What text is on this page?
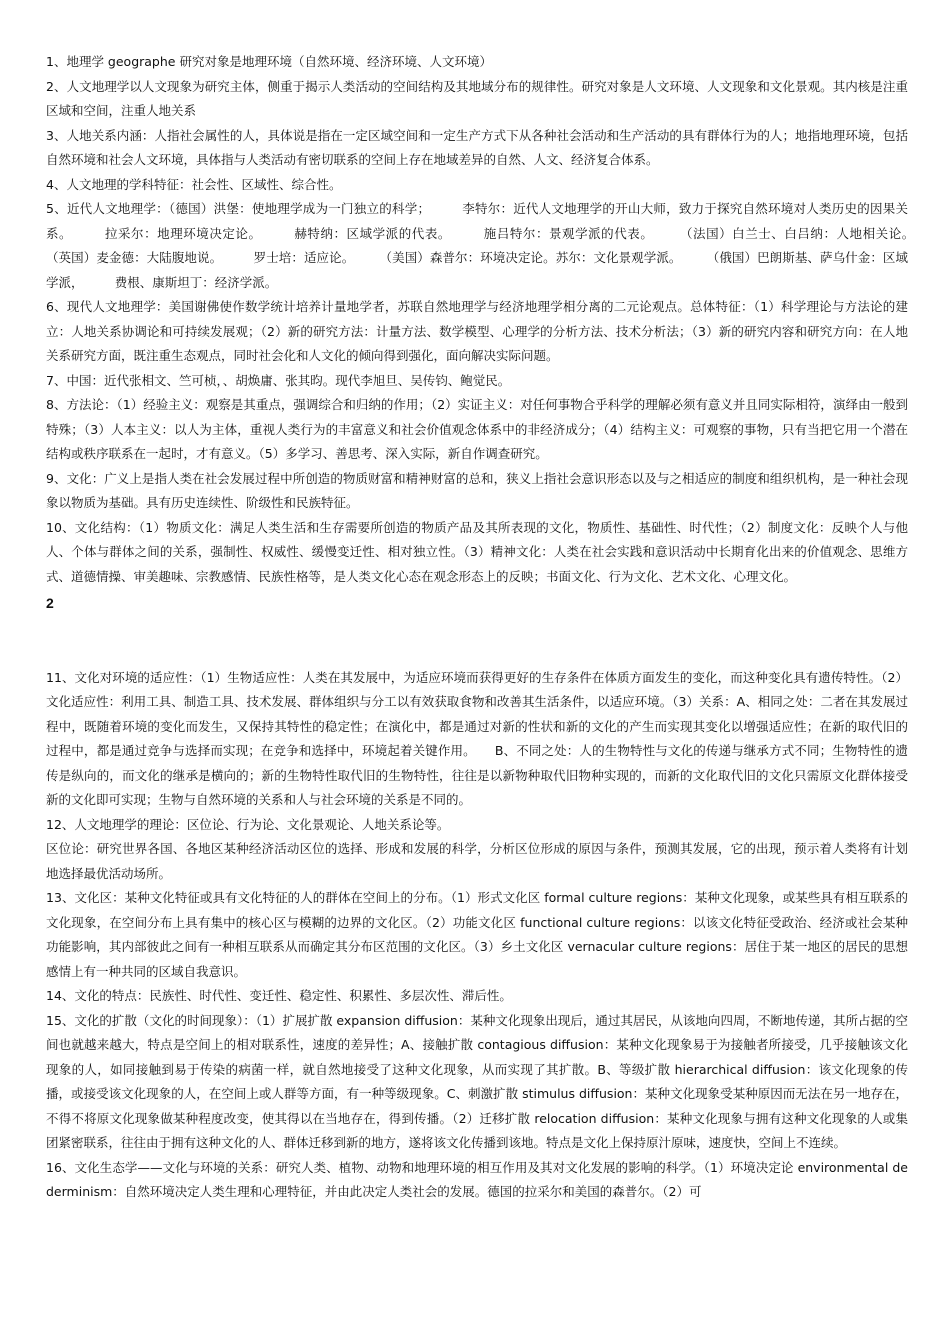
1、地理学 geographe 研究对象是地理环境（自然环境、经济环境、人文环境）

2、人文地理学以人文现象为研究主体，侧重于揭示人类活动的空间结构及其地域分布的规律性。研究对象是人文环境、人文现象和文化景观。其内核是注重区域和空间，注重人地关系

3、人地关系内涵：人指社会属性的人，具体说是指在一定区域空间和一定生产方式下从各种社会活动和生产活动的具有群体行为的人；地指地理环境，包括自然环境和社会人文环境，具体指与人类活动有密切联系的空间上存在地域差异的自然、人文、经济复合体系。

4、人文地理的学科特征：社会性、区域性、综合性。

5、近代人文地理学：（德国）洪堡：使地理学成为一门独立的科学；　　　李特尔：近代人文地理学的开山大师，致力于探究自然环境对人类历史的因果关系。　　　拉采尔：地理环境决定论。　　　赫特纳：区域学派的代表。　　　施吕特尔：景观学派的代表。　　　（法国）白兰士、白吕纳：人地相关论。　　　（英国）麦金德：大陆腹地说。　　　罗士培：适应论。　　　（美国）森普尔：环境决定论。苏尔：文化景观学派。　　　（俄国）巴朗斯基、萨乌什金：区域学派，　　　费根、康斯坦丁：经济学派。

6、现代人文地理学：美国谢佛使作数学统计培养计量地学者，苏联自然地理学与经济地理学相分离的二元论观点。总体特征：（1）科学理论与方法论的建立：人地关系协调论和可持续发展观；（2）新的研究方法：计量方法、数学模型、心理学的分析方法、技术分析法；（3）新的研究内容和研究方向：在人地关系研究方面，既注重生态观点，同时社会化和人文化的倾向得到强化，面向解决实际问题。

7、中国：近代张相文、竺可桢，、胡焕庸、张其昀。现代李旭旦、吴传钧、鲍觉民。

8、方法论：（1）经验主义：观察是其重点，强调综合和归纳的作用；（2）实证主义：对任何事物合乎科学的理解必须有意义并且同实际相符，演绎由一般到特殊；（3）人本主义：以人为主体，重视人类行为的丰富意义和社会价值观念体系中的非经济成分；（4）结构主义：可观察的事物，只有当把它用一个潜在结构或秩序联系在一起时，才有意义。（5）多学习、善思考、深入实际，新自作调查研究。

9、文化：广义上是指人类在社会发展过程中所创造的物质财富和精神财富的总和，狭义上指社会意识形态以及与之相适应的制度和组织机构，是一种社会现象以物质为基础。具有历史连续性、阶级性和民族特征。

10、文化结构：（1）物质文化：满足人类生活和生存需要所创造的物质产品及其所表现的文化，物质性、基础性、时代性；（2）制度文化：反映个人与他人、个体与群体之间的关系，强制性、权威性、缓慢变迁性、相对独立性。（3）精神文化：人类在社会实践和意识活动中长期育化出来的价值观念、思维方式、道德情操、审美趣味、宗教感情、民族性格等，是人类文化心态在观念形态上的反映；书面文化、行为文化、艺术文化、心理文化。

2

11、文化对环境的适应性：（1）生物适应性：人类在其发展中，为适应环境而获得更好的生存条件在体质方面发生的变化，而这种变化具有遗传特性。（2）文化适应性：利用工具、制造工具、技术发展、群体组织与分工以有效获取食物和改善其生活条件，以适应环境。（3）关系：A、相同之处：二者在其发展过程中，既随着环境的变化而发生，又保持其特性的稳定性；在演化中，都是通过对新的性状和新的文化的产生而实现其变化以增强适应性；在新的取代旧的过程中，都是通过竞争与选择而实现；在竞争和选择中，环境起着关键作用。　　B、不同之处：人的生物特性与文化的传递与继承方式不同；生物特性的遗传是纵向的，而文化的继承是横向的；新的生物特性取代旧的生物特性，往往是以新物种取代旧物种实现的，而新的文化取代旧的文化只需原文化群体接受新的文化即可实现；生物与自然环境的关系和人与社会环境的关系是不同的。

12、人文地理学的理论：区位论、行为论、文化景观论、人地关系论等。

区位论：研究世界各国、各地区某种经济活动区位的选择、形成和发展的科学，分析区位形成的原因与条件，预测其发展，它的出现，预示着人类将有计划地选择最优活动场所。

13、文化区：某种文化特征或具有文化特征的人的群体在空间上的分布。（1）形式文化区 formal culture regions：某种文化现象，或某些具有相互联系的文化现象，在空间分布上具有集中的核心区与模糊的边界的文化区。（2）功能文化区 functional culture regions：以该文化特征受政治、经济或社会某种功能影响，其内部彼此之间有一种相互联系从而确定其分布区范围的文化区。（3）乡土文化区 vernacular culture regions：居住于某一地区的居民的思想感情上有一种共同的区域自我意识。

14、文化的特点：民族性、时代性、变迁性、稳定性、积累性、多层次性、滞后性。

15、文化的扩散（文化的时间现象）：（1）扩展扩散 expansion diffusion：某种文化现象出现后，通过其居民，从该地向四周，不断地传递，其所占据的空间也就越来越大，特点是空间上的相对联系性，速度的差异性；A、接触扩散 contagious diffusion：某种文化现象易于为接触者所接受，几乎接触该文化现象的人，如同接触到易于传染的病菌一样，就自然地接受了这种文化现象，从而实现了其扩散。B、等级扩散 hierarchical diffusion：该文化现象的传播，或接受该文化现象的人，在空间上或人群等方面，有一种等级现象。C、刺激扩散 stimulus diffusion：某种文化现象受某种原因而无法在另一地存在，不得不将原文化现象做某种程度改变，使其得以在当地存在，得到传播。（2）迁移扩散 relocation diffusion：某种文化现象与拥有这种文化现象的人或集团紧密联系，往往由于拥有这种文化的人、群体迁移到新的地方，遂将该文化传播到该地。特点是文化上保持原汁原味，速度快，空间上不连续。

16、文化生态学——文化与环境的关系：研究人类、植物、动物和地理环境的相互作用及其对文化发展的影响的科学。（1）环境决定论 environmental dederminism：自然环境决定人类生理和心理特征，并由此决定人类社会的发展。德国的拉采尔和美国的森普尔。（2）可
